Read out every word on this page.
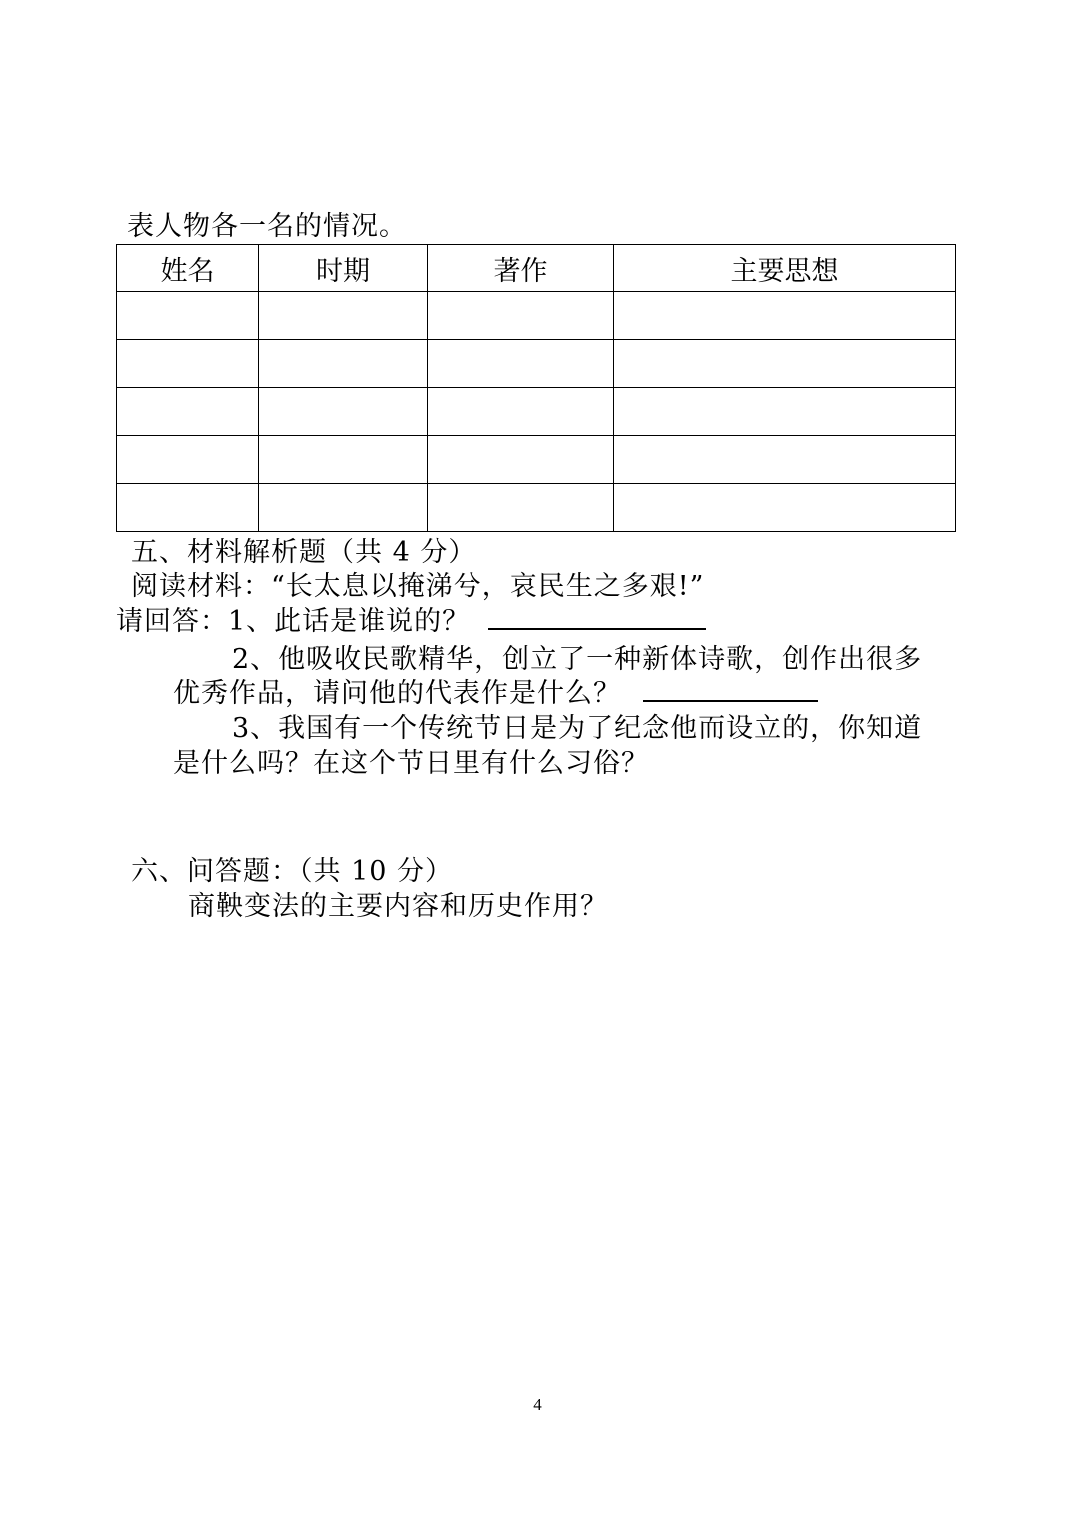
表人物各一名的情况。
姓名	时期	著作	主要思想

五、材料解析题（共 4 分）
阅读材料：“长太息以掩涕兮，哀民生之多艰!”
请回答：1、此话是谁说的？
2、他吸收民歌精华，创立了一种新体诗歌，创作出很多
优秀作品，请问他的代表作是什么？
3、我国有一个传统节日是为了纪念他而设立的，你知道
是什么吗？在这个节日里有什么习俗？
六、问答题：（共 10 分）
商鞅变法的主要内容和历史作用？
4
